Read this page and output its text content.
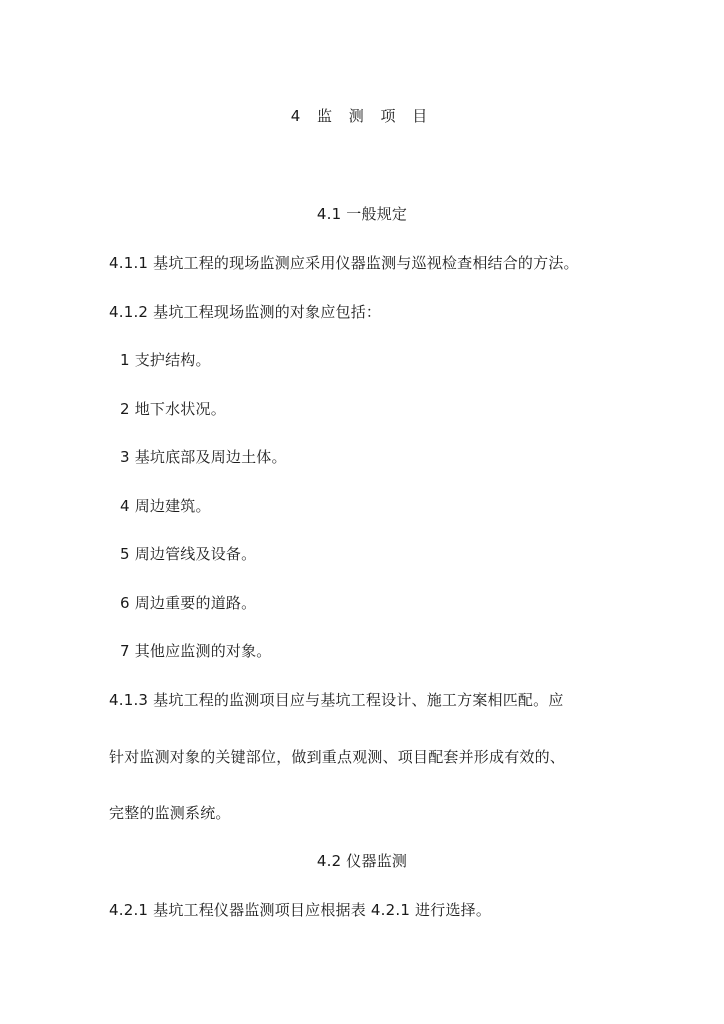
4 监 测 项 目
4.1 一般规定
4.1.1 基坑工程的现场监测应采用仪器监测与巡视检查相结合的方法。
4.1.2 基坑工程现场监测的对象应包括：
1 支护结构。
2 地下水状况。
3 基坑底部及周边土体。
4 周边建筑。
5 周边管线及设备。
6 周边重要的道路。
7 其他应监测的对象。
4.1.3 基坑工程的监测项目应与基坑工程设计、施工方案相匹配。应
针对监测对象的关键部位，做到重点观测、项目配套并形成有效的、
完整的监测系统。
4.2 仪器监测
4.2.1 基坑工程仪器监测项目应根据表 4.2.1 进行选择。
